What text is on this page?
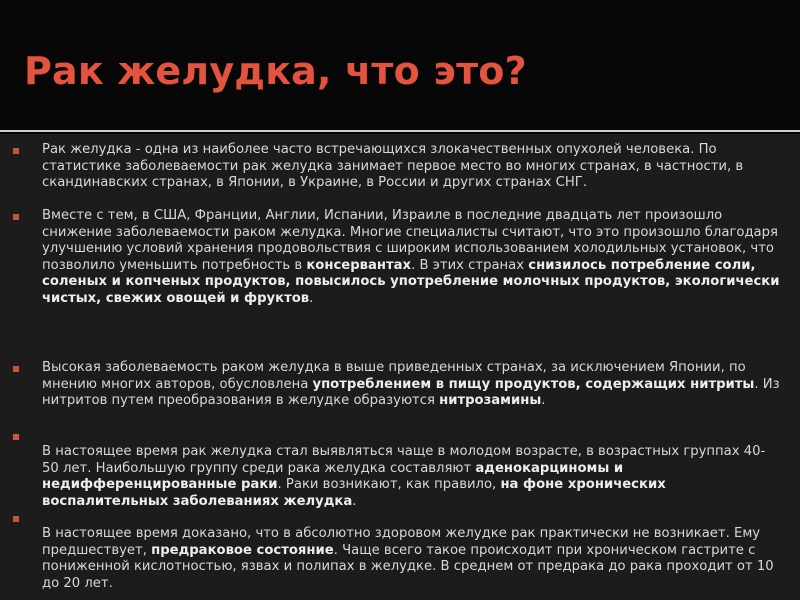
Рак желудка, что это?

Рак желудка - одна из наиболее часто встречающихся злокачественных опухолей человека. По статистике заболеваемости рак желудка занимает первое место во многих странах, в частности, в скандинавских странах, в Японии, в Украине, в России и других странах СНГ.

Вместе с тем, в США, Франции, Англии, Испании, Израиле в последние двадцать лет произошло снижение заболеваемости раком желудка. Многие специалисты считают, что это произошло благодаря улучшению условий хранения продовольствия с широким использованием холодильных установок, что позволило уменьшить потребность в консервантах. В этих странах снизилось потребление соли, соленых и копченых продуктов, повысилось употребление молочных продуктов, экологически чистых, свежих овощей и фруктов.

Высокая заболеваемость раком желудка в выше приведенных странах, за исключением Японии, по мнению многих авторов, обусловлена употреблением в пищу продуктов, содержащих нитриты. Из нитритов путем преобразования в желудке образуются нитрозамины.

В настоящее время рак желудка стал выявляться чаще в молодом возрасте, в возрастных группах 40-50 лет. Наибольшую группу среди рака желудка составляют аденокарциномы и недифференцированные раки. Раки возникают, как правило, на фоне хронических воспалительных заболеваниях желудка.

В настоящее время доказано, что в абсолютно здоровом желудке рак практически не возникает. Ему предшествует, предраковое состояние. Чаще всего такое происходит при хроническом гастрите с пониженной кислотностью, язвах и полипах в желудке. В среднем от предрака до рака проходит от 10 до 20 лет.
